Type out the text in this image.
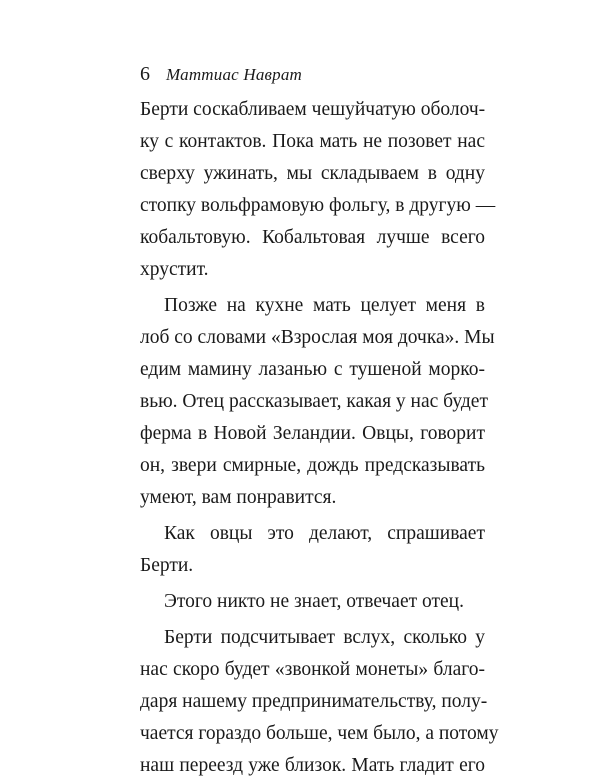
6 Маттиас Наврат
Берти соскабливаем чешуйчатую оболоч-
ку с контактов. Пока мать не позовет нас
сверху ужинать, мы складываем в одну
стопку вольфрамовую фольгу, в другую —
кобальтовую. Кобальтовая лучше всего
хрустит.
Позже на кухне мать целует меня в
лоб со словами «Взрослая моя дочка». Мы
едим мамину лазанью с тушеной морко-
вью. Отец рассказывает, какая у нас будет
ферма в Новой Зеландии. Овцы, говорит
он, звери смирные, дождь предсказывать
умеют, вам понравится.
Как овцы это делают, спрашивает
Берти.
Этого никто не знает, отвечает отец.
Берти подсчитывает вслух, сколько у
нас скоро будет «звонкой монеты» благо-
даря нашему предпринимательству, полу-
чается гораздо больше, чем было, а потому
наш переезд уже близок. Мать гладит его
